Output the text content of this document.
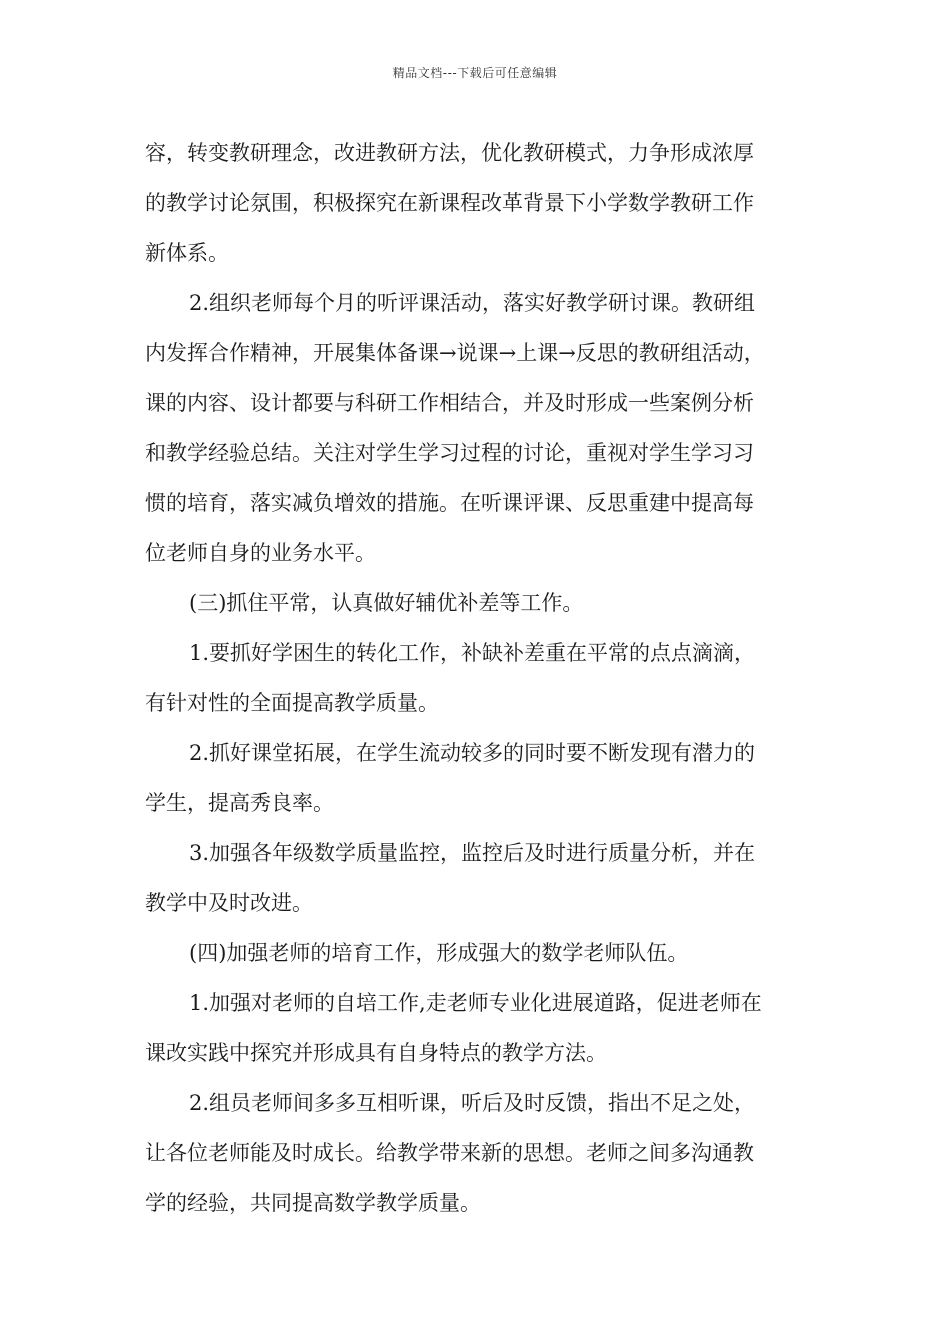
精品文档---下载后可任意编辑
容，转变教研理念，改进教研方法，优化教研模式，力争形成浓厚
的教学讨论氛围，积极探究在新课程改革背景下小学数学教研工作
新体系。
2.组织老师每个月的听评课活动，落实好教学研讨课。教研组
内发挥合作精神，开展集体备课→说课→上课→反思的教研组活动，
课的内容、设计都要与科研工作相结合，并及时形成一些案例分析
和教学经验总结。关注对学生学习过程的讨论，重视对学生学习习
惯的培育，落实减负增效的措施。在听课评课、反思重建中提高每
位老师自身的业务水平。
(三)抓住平常，认真做好辅优补差等工作。
1.要抓好学困生的转化工作，补缺补差重在平常的点点滴滴，
有针对性的全面提高教学质量。
2.抓好课堂拓展，在学生流动较多的同时要不断发现有潜力的
学生，提高秀良率。
3.加强各年级数学质量监控，监控后及时进行质量分析，并在
教学中及时改进。
(四)加强老师的培育工作，形成强大的数学老师队伍。
1.加强对老师的自培工作,走老师专业化进展道路，促进老师在
课改实践中探究并形成具有自身特点的教学方法。
2.组员老师间多多互相听课，听后及时反馈，指出不足之处，
让各位老师能及时成长。给教学带来新的思想。老师之间多沟通教
学的经验，共同提高数学教学质量。
